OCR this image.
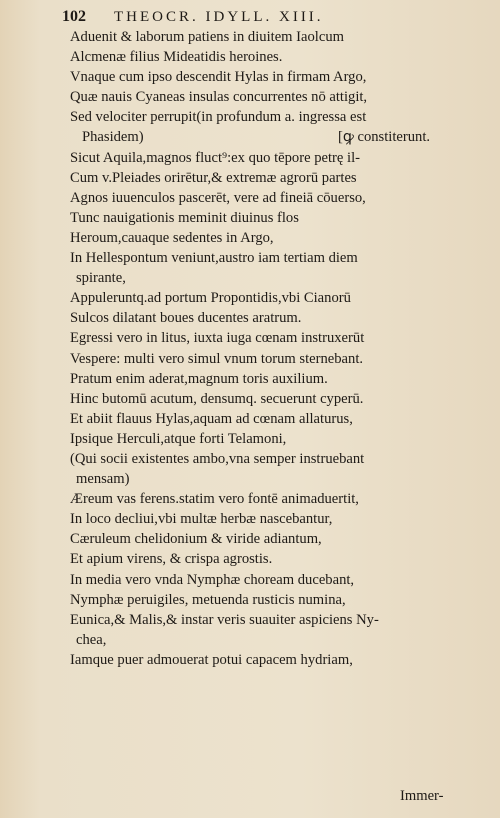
102 THEOCR. IDYLL. XIII.
Aduenit & laborum patiens in diuitem Iaolcum
Alcmenæ filius Mideatidis heroines.
Vnaque cum ipso descendit Hylas in firmam Argo,
Quæ nauis Cyaneas insulas concurrentes nō attigit,
Sed velociter perrupit(in profundum a. ingressa est
Phasidem)	[ꝙ constiterunt.
Sicut Aquila,magnos fluct⁹:ex quo tēpore petrę il-
Cum v.Pleiades orirētur,& extremæ agrorū partes
Agnos iuuenculos pascerēt, vere ad fineiā cōuerso,
Tunc nauigationis meminit diuinus flos
Heroum,cauaque sedentes in Argo,
In Hellespontum veniunt,austro iam tertiam diem
spirante,
Appuleruntq.ad portum Propontidis,vbi Cianorū
Sulcos dilatant boues ducentes aratrum.
Egressi vero in litus, iuxta iuga cœnam instruxerūt
Vespere: multi vero simul vnum torum sternebant.
Pratum enim aderat,magnum toris auxilium.
Hinc butomū acutum, densumq. secuerunt cyperū.
Et abiit flauus Hylas,aquam ad cœnam allaturus,
Ipsique Herculi,atque forti Telamoni,
(Qui socii existentes ambo,vna semper instruebant
mensam)
Æreum vas ferens.statim vero fontē animaduertit,
In loco decliui,vbi multæ herbæ nascebantur,
Cæruleum chelidonium & viride adiantum,
Et apium virens, & crispa agrostis.
In media vero vnda Nymphæ choream ducebant,
Nymphæ peruigiles, metuenda rusticis numina,
Eunica,& Malis,& instar veris suauiter aspiciens Ny-
chea,
Iamque puer admouerat potui capacem hydriam,
Immer-
